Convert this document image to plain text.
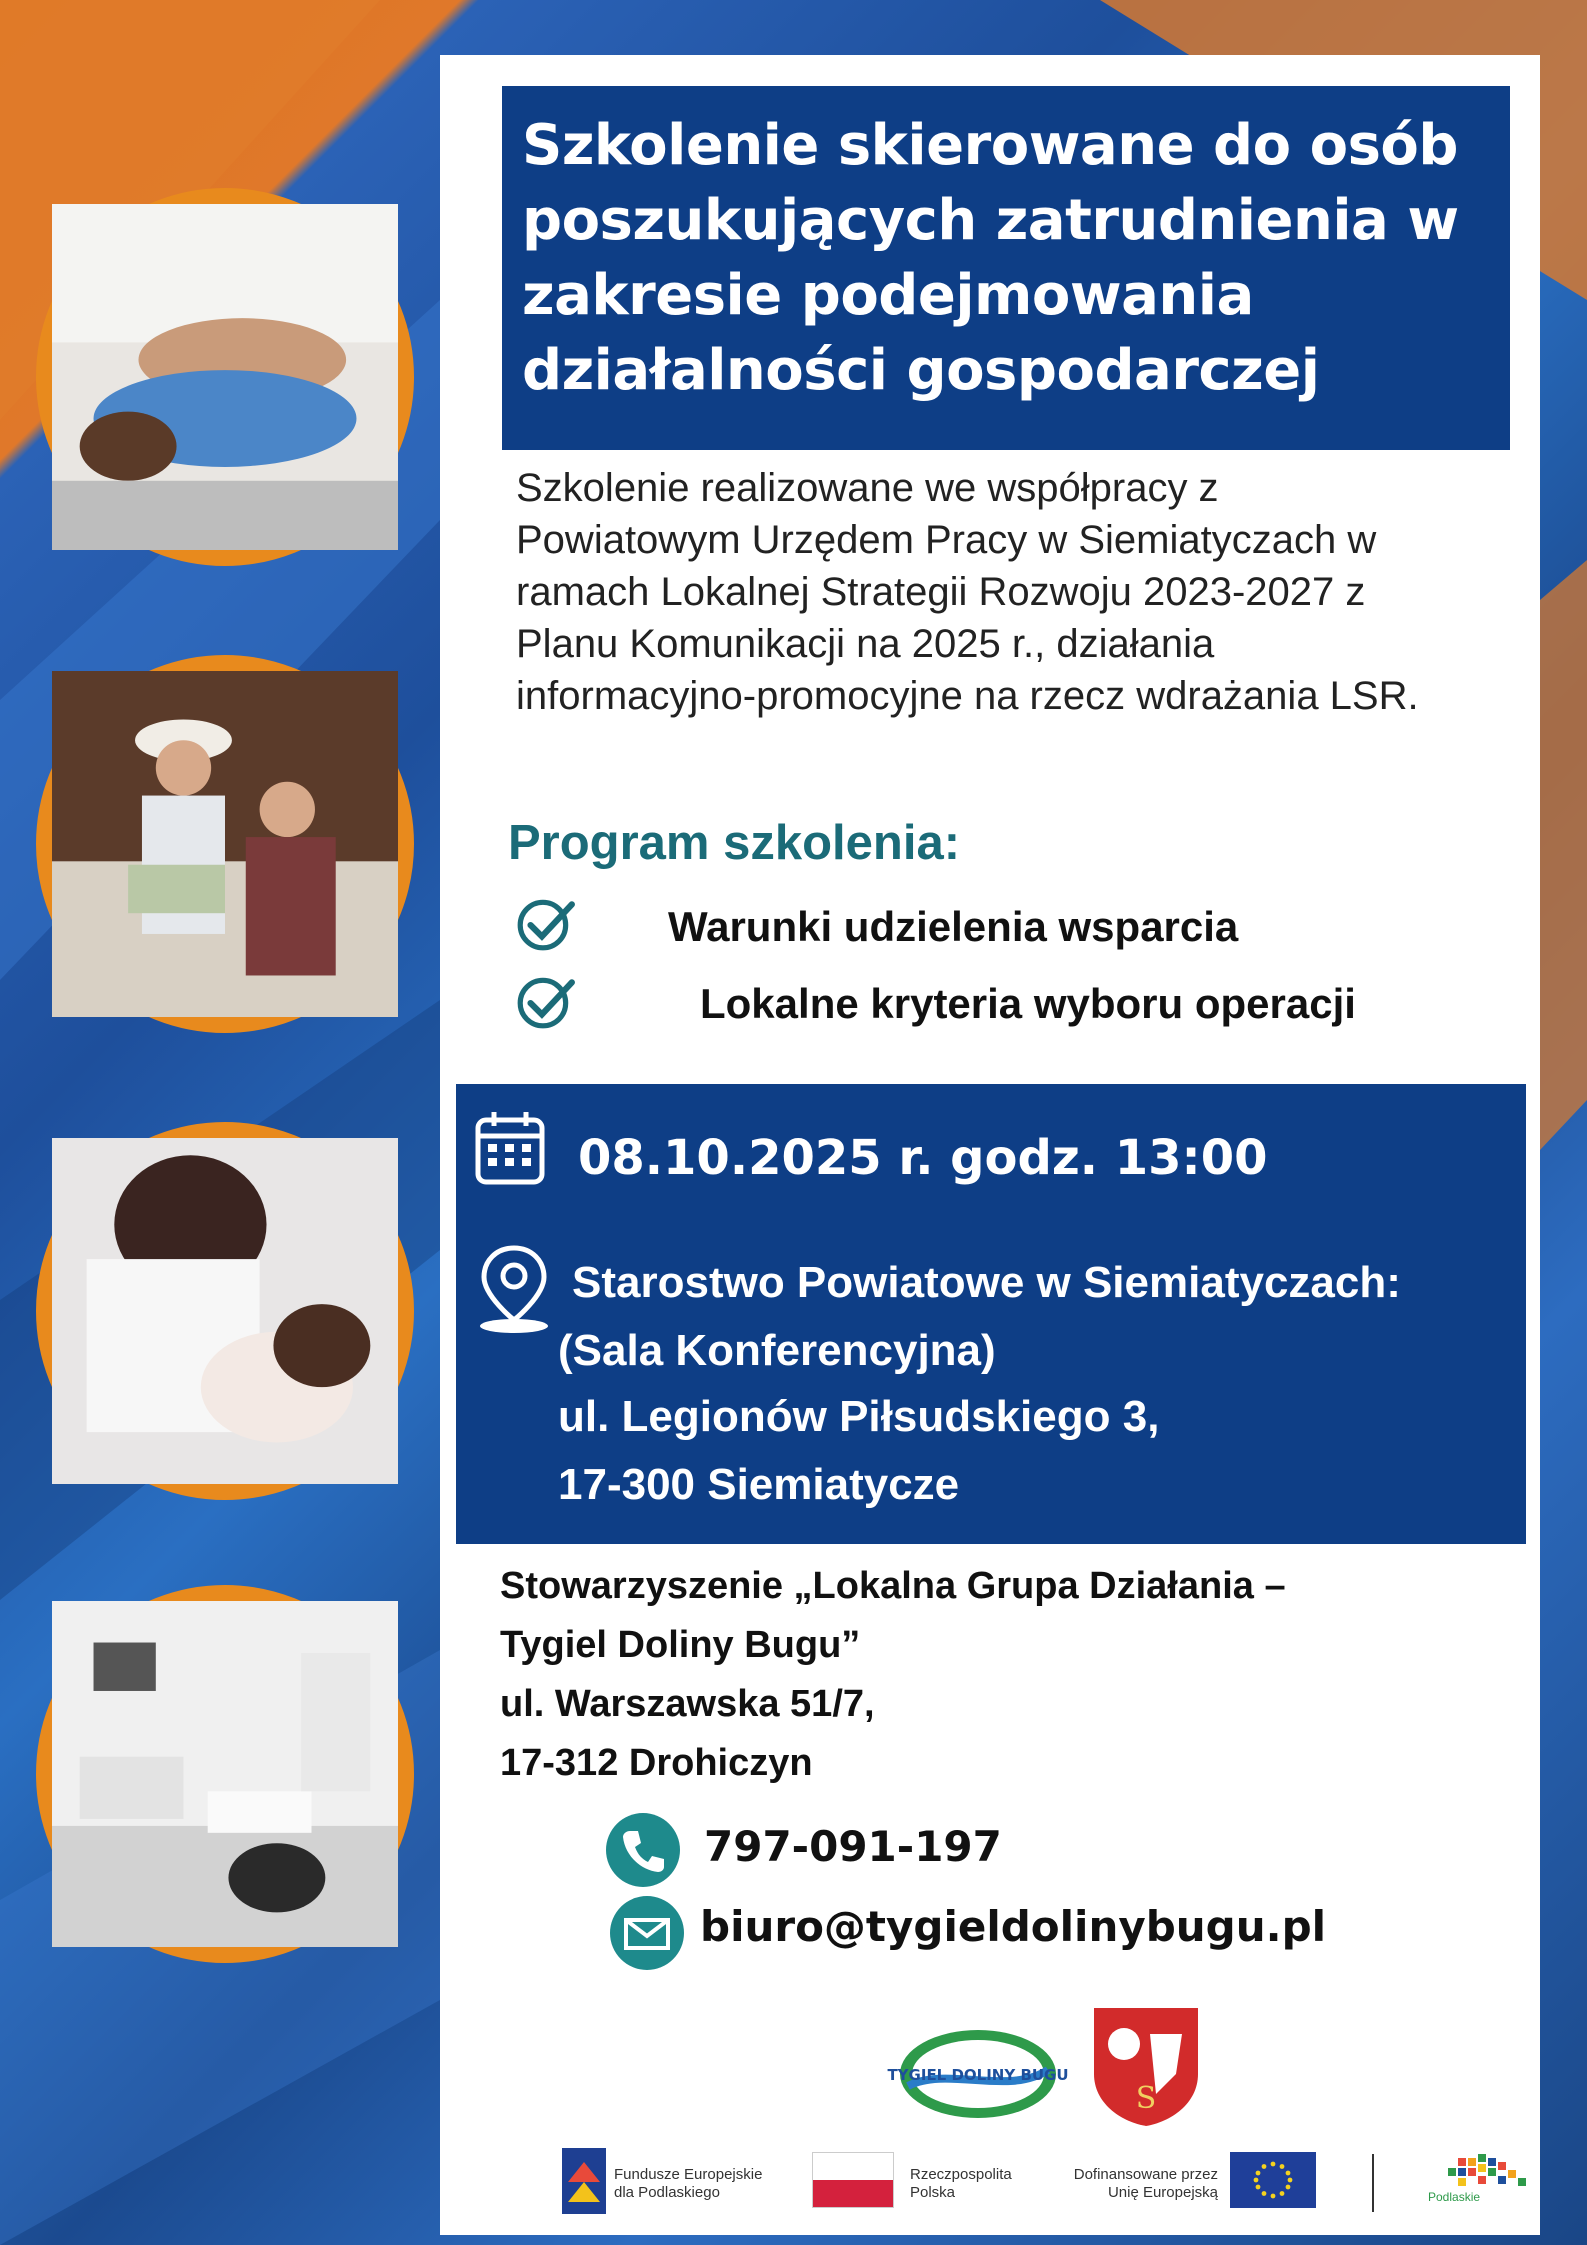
Szkolenie skierowane do osób
poszukujących zatrudnienia w
zakresie podejmowania
działalności gospodarczej
Szkolenie realizowane we współpracy z
Powiatowym Urzędem Pracy w Siemiatyczach w
ramach Lokalnej Strategii Rozwoju 2023-2027 z
Planu Komunikacji na 2025 r., działania
informacyjno-promocyjne na rzecz wdrażania LSR.
Program szkolenia:
Warunki udzielenia wsparcia
Lokalne kryteria wyboru operacji
08.10.2025 r. godz. 13:00
Starostwo Powiatowe w Siemiatyczach:
(Sala Konferencyjna)
ul. Legionów Piłsudskiego 3,
17-300 Siemiatycze
Stowarzyszenie „Lokalna Grupa Działania –
Tygiel Doliny Bugu”
ul. Warszawska 51/7,
17-312 Drohiczyn
797-091-197
biuro@tygieldolinybugu.pl
TYGIEL DOLINY BUGU
S
Fundusze Europejskie
dla Podlaskiego
Rzeczpospolita
Polska
Dofinansowane przez
Unię Europejską	Podlaskie
